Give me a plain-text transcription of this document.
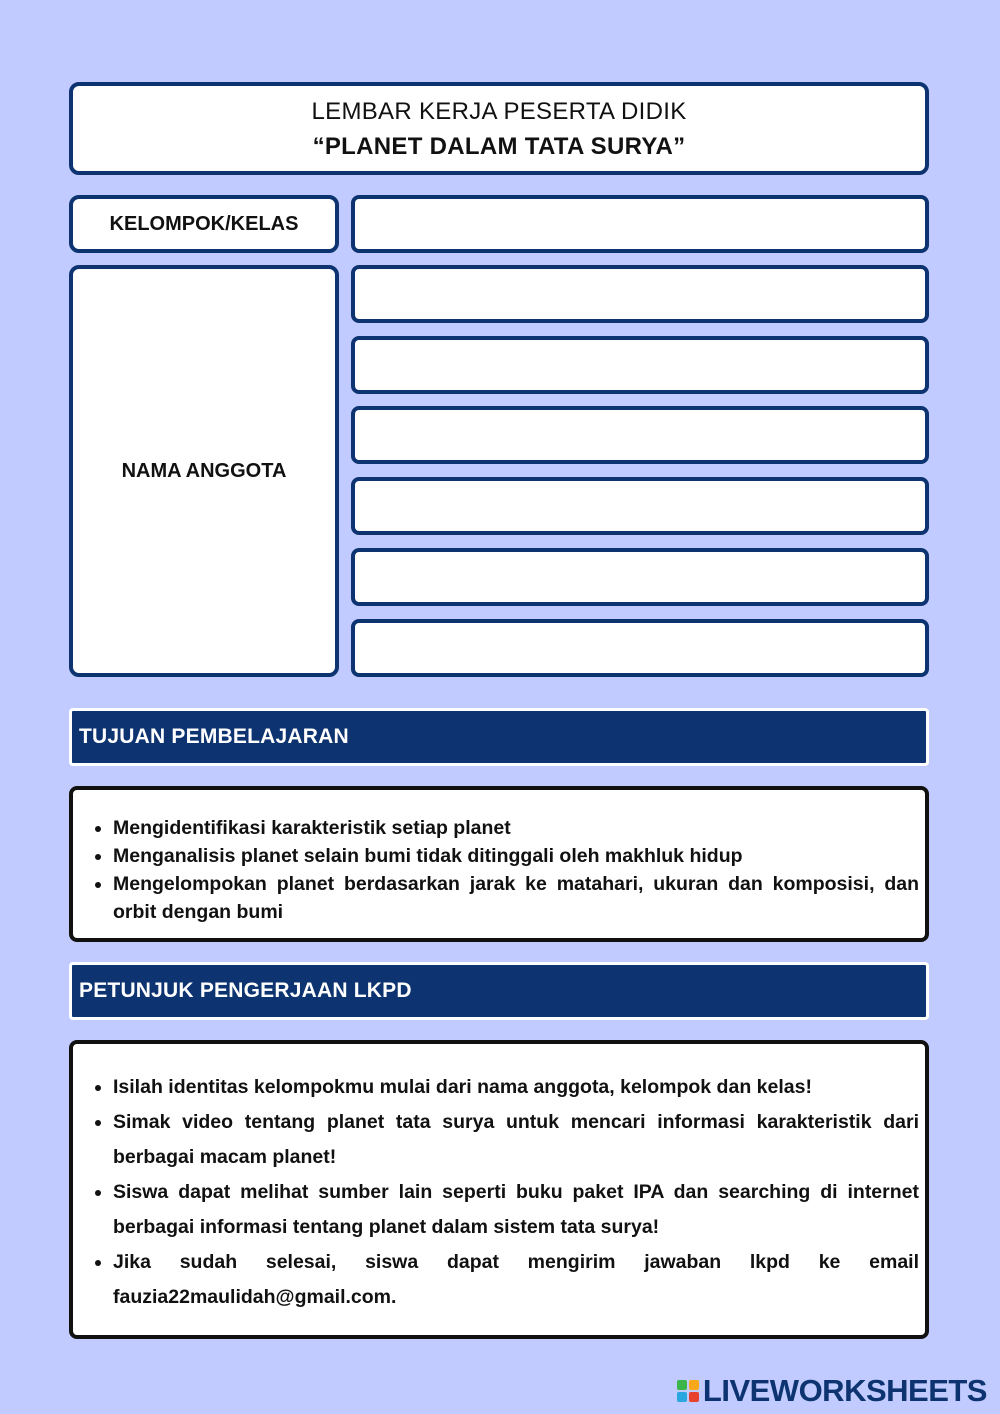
LEMBAR KERJA PESERTA DIDIK
“PLANET DALAM TATA SURYA”
KELOMPOK/KELAS
NAMA ANGGOTA
TUJUAN PEMBELAJARAN
• Mengidentifikasi karakteristik setiap planet
• Menganalisis planet selain bumi tidak ditinggali oleh makhluk hidup
• Mengelompokan planet berdasarkan jarak ke matahari, ukuran dan komposisi, dan orbit dengan bumi
PETUNJUK PENGERJAAN LKPD
• Isilah identitas kelompokmu mulai dari nama anggota, kelompok dan kelas!
• Simak video tentang planet tata surya untuk mencari informasi karakteristik dari berbagai macam planet!
• Siswa dapat melihat sumber lain seperti buku paket IPA dan searching di internet berbagai informasi tentang planet dalam sistem tata surya!
• Jika sudah selesai, siswa dapat mengirim jawaban lkpd ke email fauzia22maulidah@gmail.com.
LIVEWORKSHEETS
